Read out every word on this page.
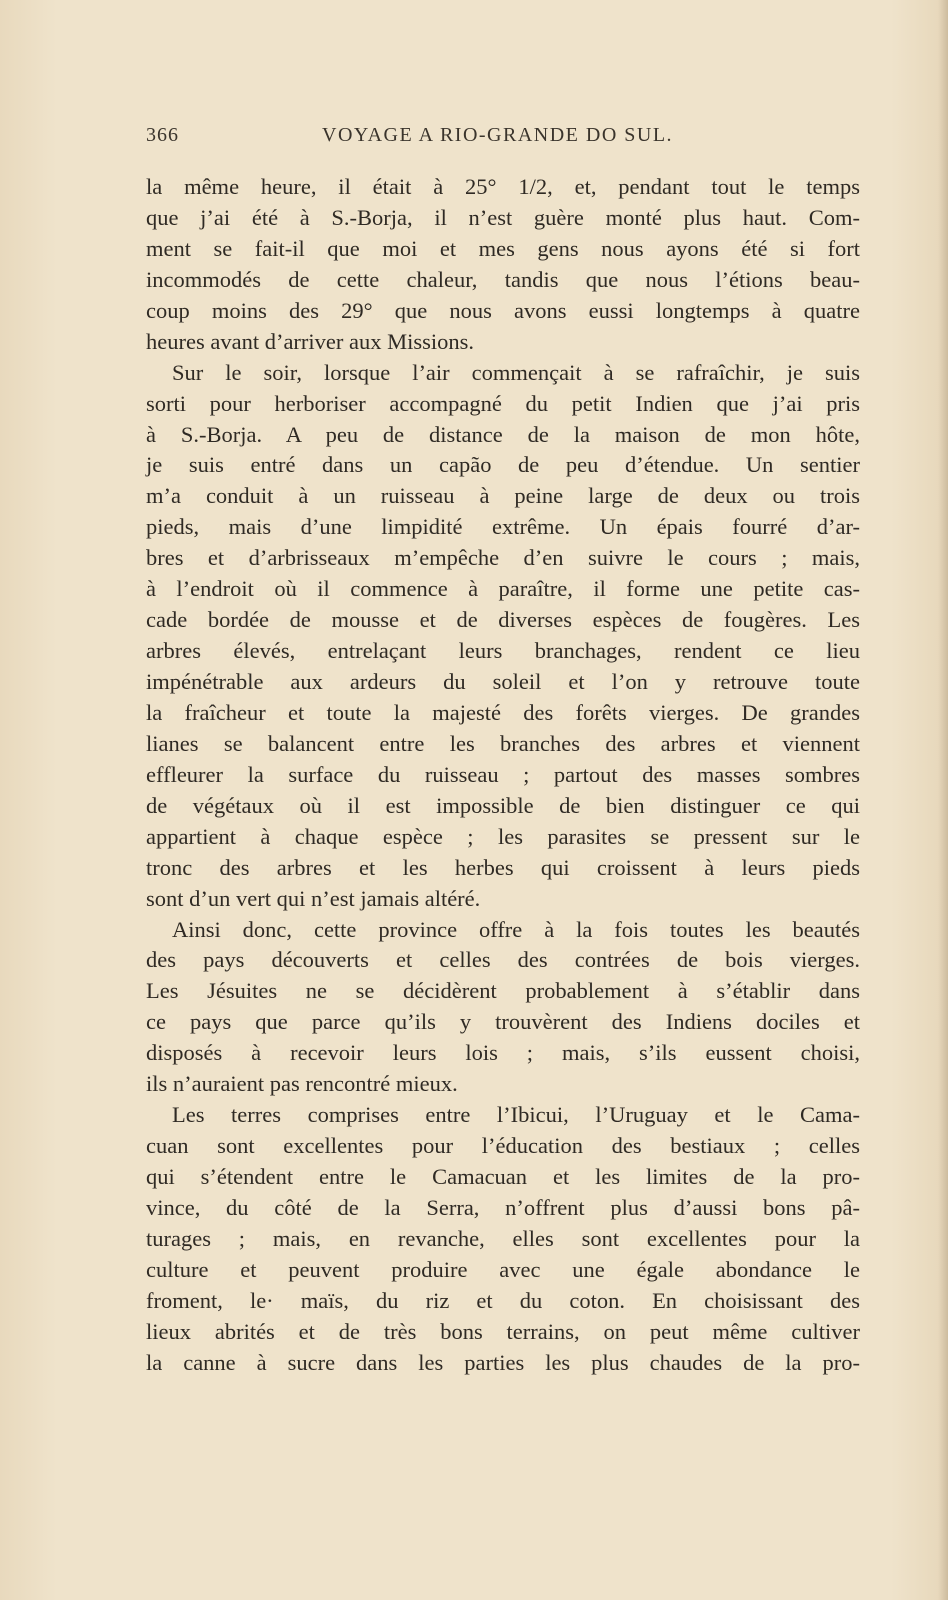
366	VOYAGE A RIO-GRANDE DO SUL.
la même heure, il était à 25° 1/2, et, pendant tout le temps
que j’ai été à S.-Borja, il n’est guère monté plus haut. Com-
ment se fait-il que moi et mes gens nous ayons été si fort
incommodés de cette chaleur, tandis que nous l’étions beau-
coup moins des 29° que nous avons eussi longtemps à quatre
heures avant d’arriver aux Missions.
Sur le soir, lorsque l’air commençait à se rafraîchir, je suis
sorti pour herboriser accompagné du petit Indien que j’ai pris
à S.-Borja. A peu de distance de la maison de mon hôte,
je suis entré dans un capão de peu d’étendue. Un sentier
m’a conduit à un ruisseau à peine large de deux ou trois
pieds, mais d’une limpidité extrême. Un épais fourré d’ar-
bres et d’arbrisseaux m’empêche d’en suivre le cours ; mais,
à l’endroit où il commence à paraître, il forme une petite cas-
cade bordée de mousse et de diverses espèces de fougères. Les
arbres élevés, entrelaçant leurs branchages, rendent ce lieu
impénétrable aux ardeurs du soleil et l’on y retrouve toute
la fraîcheur et toute la majesté des forêts vierges. De grandes
lianes se balancent entre les branches des arbres et viennent
effleurer la surface du ruisseau ; partout des masses sombres
de végétaux où il est impossible de bien distinguer ce qui
appartient à chaque espèce ; les parasites se pressent sur le
tronc des arbres et les herbes qui croissent à leurs pieds
sont d’un vert qui n’est jamais altéré.
Ainsi donc, cette province offre à la fois toutes les beautés
des pays découverts et celles des contrées de bois vierges.
Les Jésuites ne se décidèrent probablement à s’établir dans
ce pays que parce qu’ils y trouvèrent des Indiens dociles et
disposés à recevoir leurs lois ; mais, s’ils eussent choisi,
ils n’auraient pas rencontré mieux.
Les terres comprises entre l’Ibicui, l’Uruguay et le Cama-
cuan sont excellentes pour l’éducation des bestiaux ; celles
qui s’étendent entre le Camacuan et les limites de la pro-
vince, du côté de la Serra, n’offrent plus d’aussi bons pâ-
turages ; mais, en revanche, elles sont excellentes pour la
culture et peuvent produire avec une égale abondance le
froment, le· maïs, du riz et du coton. En choisissant des
lieux abrités et de très bons terrains, on peut même cultiver
la canne à sucre dans les parties les plus chaudes de la pro-
